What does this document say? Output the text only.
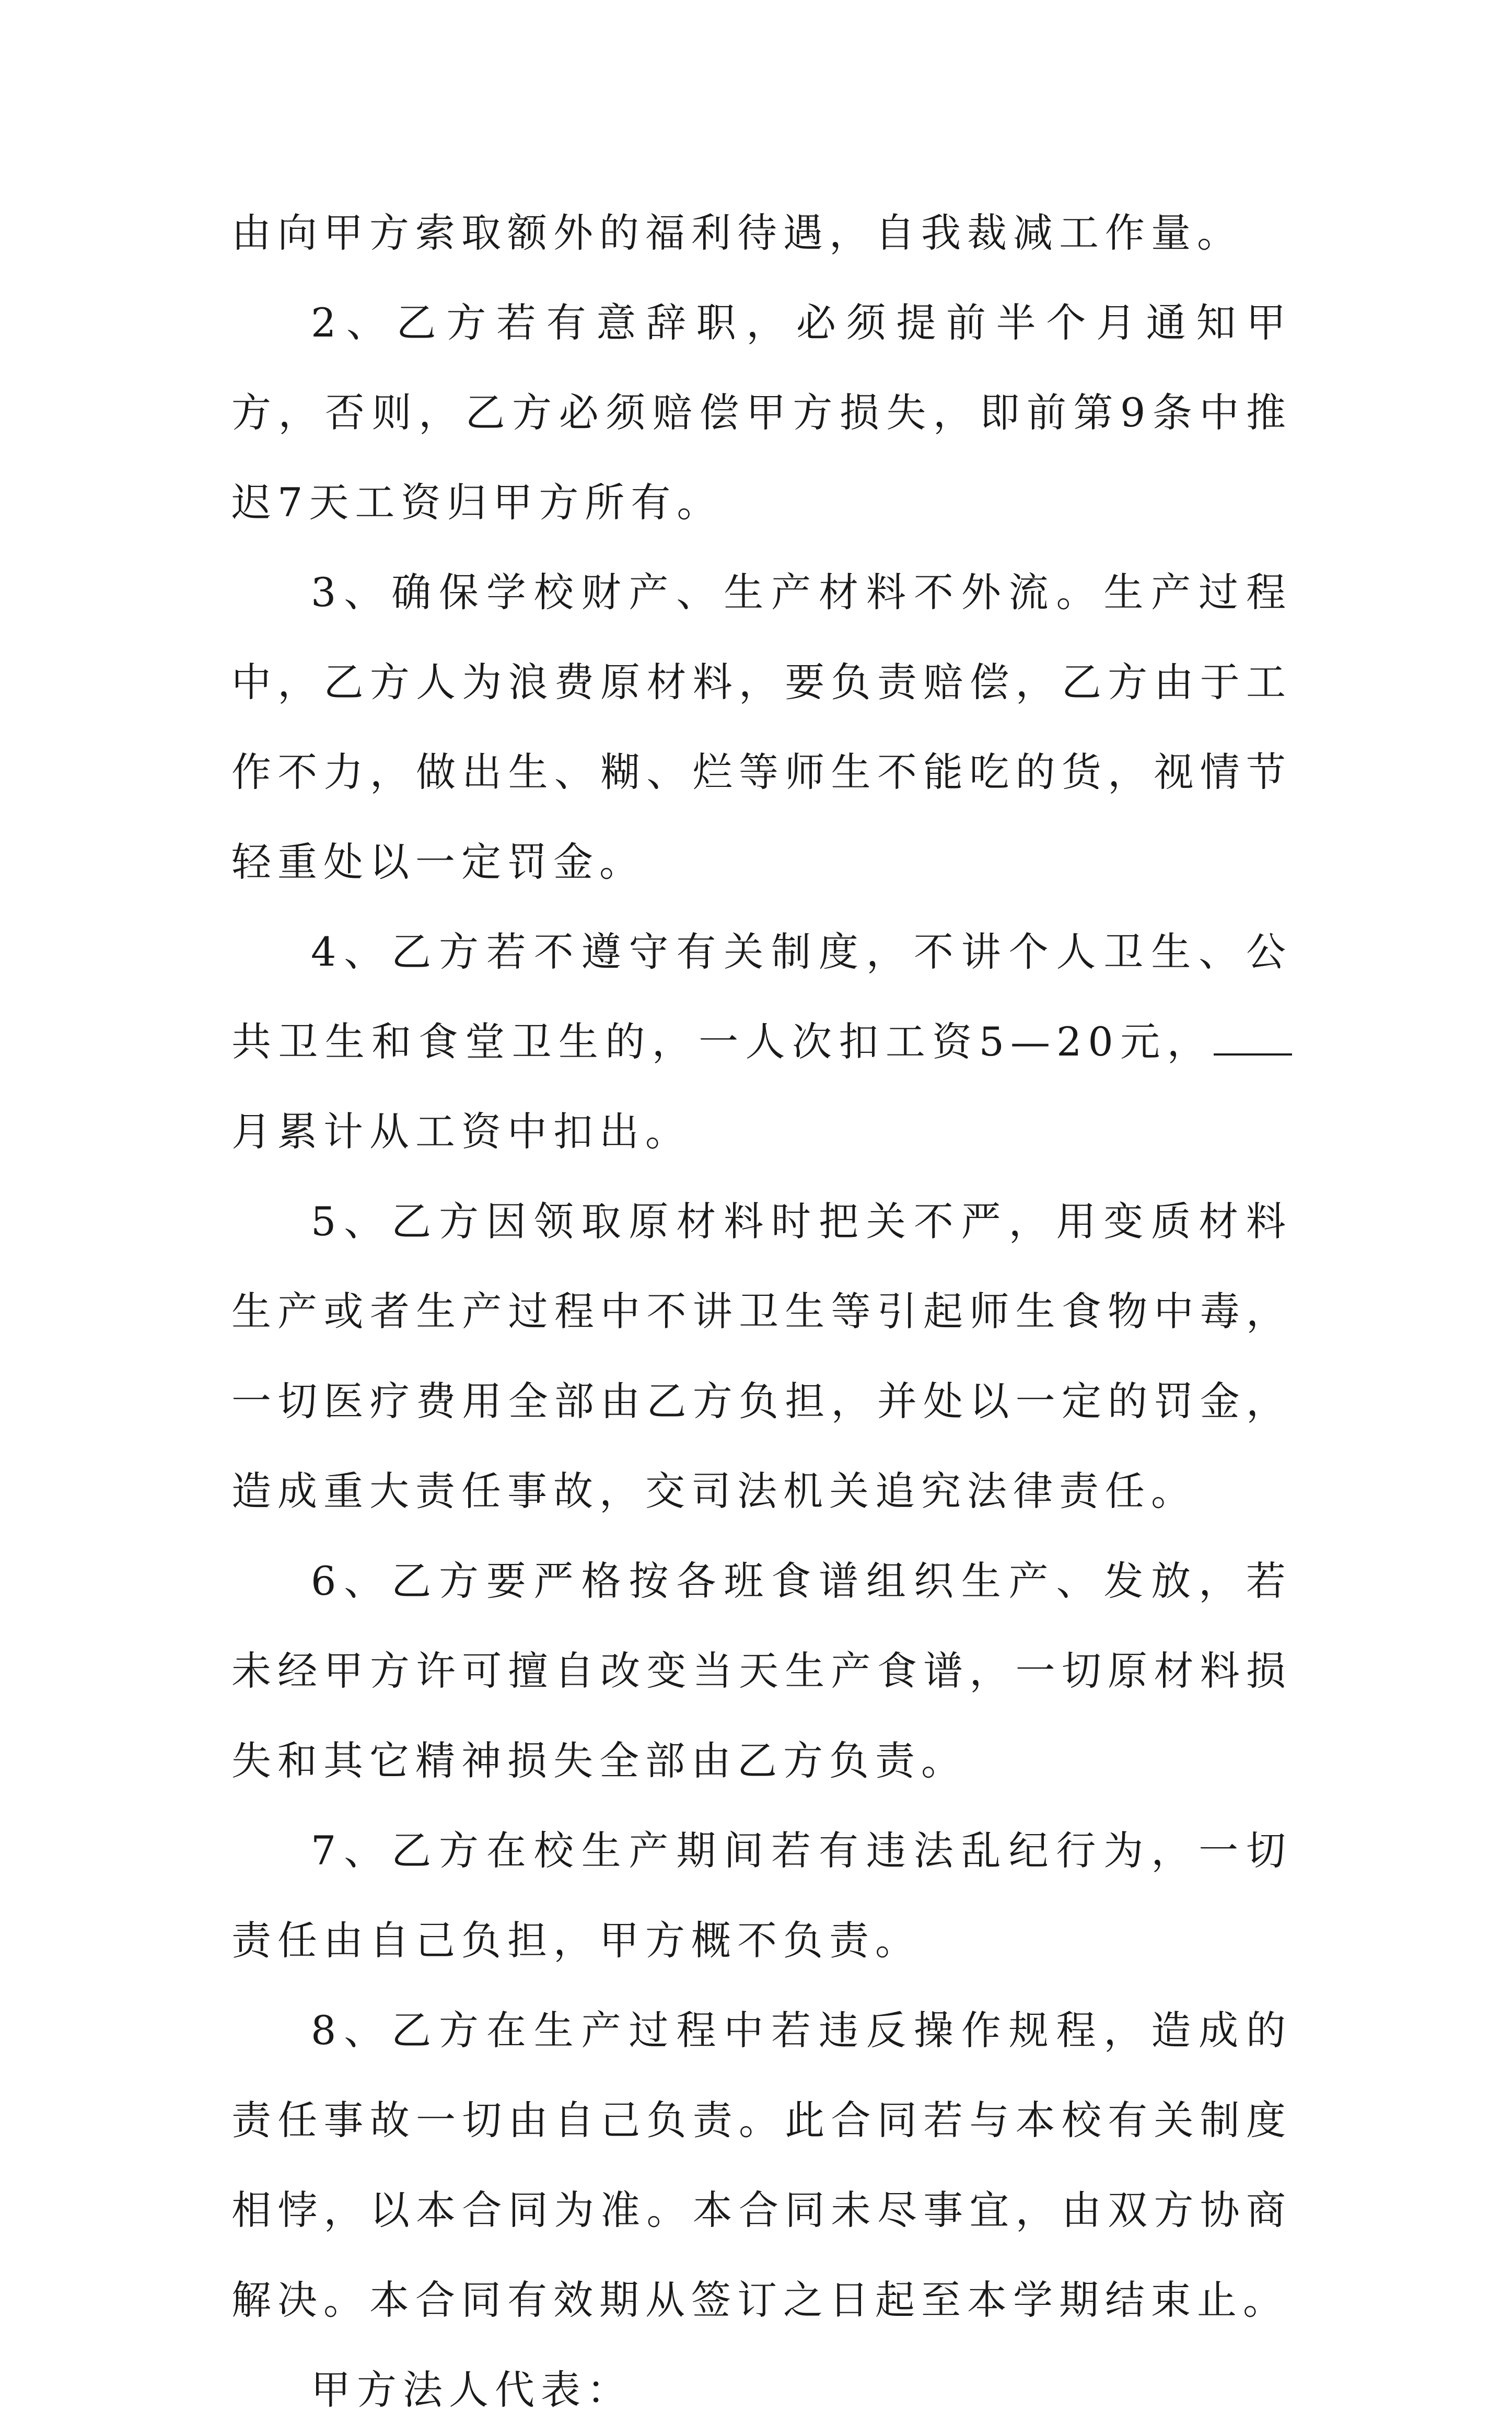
由向甲方索取额外的福利待遇，自我裁减工作量。

2、乙方若有意辞职，必须提前半个月通知甲方，否则，乙方必须赔偿甲方损失，即前第9条中推迟7天工资归甲方所有。

3、确保学校财产、生产材料不外流。生产过程中，乙方人为浪费原材料，要负责赔偿，乙方由于工作不力，做出生、糊、烂等师生不能吃的货，视情节轻重处以一定罚金。

4、乙方若不遵守有关制度，不讲个人卫生、公共卫生和食堂卫生的，一人次扣工资5—20元，月累计从工资中扣出。

5、乙方因领取原材料时把关不严，用变质材料生产或者生产过程中不讲卫生等引起师生食物中毒，一切医疗费用全部由乙方负担，并处以一定的罚金，造成重大责任事故，交司法机关追究法律责任。

6、乙方要严格按各班食谱组织生产、发放，若未经甲方许可擅自改变当天生产食谱，一切原材料损失和其它精神损失全部由乙方负责。

7、乙方在校生产期间若有违法乱纪行为，一切责任由自己负担，甲方概不负责。

8、乙方在生产过程中若违反操作规程，造成的责任事故一切由自己负责。此合同若与本校有关制度相悖，以本合同为准。本合同未尽事宜，由双方协商解决。本合同有效期从签订之日起至本学期结束止。

甲方法人代表：
